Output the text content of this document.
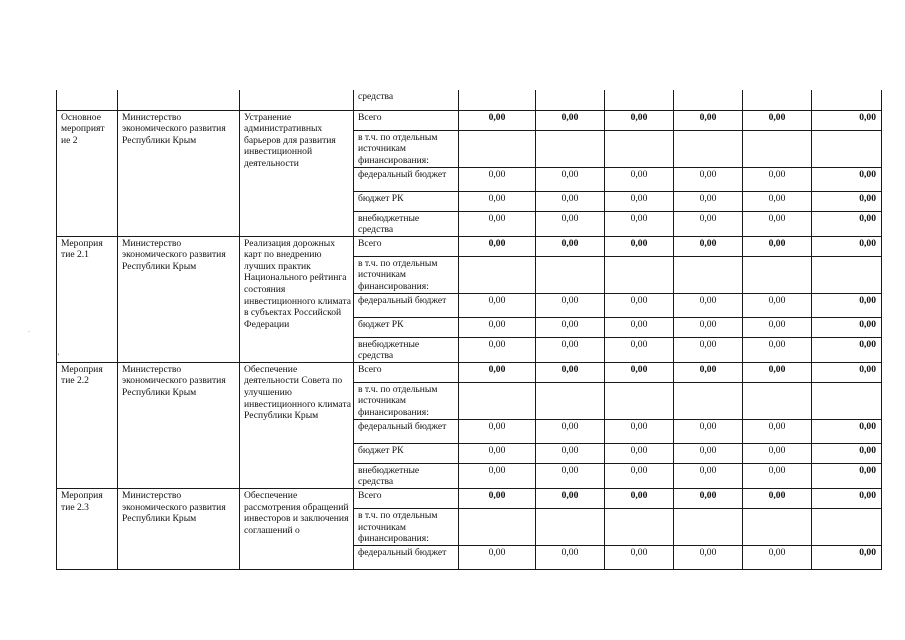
			средства						
Основное мероприят ие 2	Министерство экономического развития Республики Крым	Устранение административных барьеров для развития инвестиционной деятельности	Всего	0,00	0,00	0,00	0,00	0,00	0,00
			в т.ч. по отдельным источникам финансирования:						
			федеральный бюджет	0,00	0,00	0,00	0,00	0,00	0,00
			бюджет РК	0,00	0,00	0,00	0,00	0,00	0,00
			внебюджетные средства	0,00	0,00	0,00	0,00	0,00	0,00
Мероприя тие 2.1	Министерство экономического развития Республики Крым	Реализация дорожных карт по внедрению лучших практик Национального рейтинга состояния инвестиционного климата в субъектах Российской Федерации	Всего	0,00	0,00	0,00	0,00	0,00	0,00
			в т.ч. по отдельным источникам финансирования:						
			федеральный бюджет	0,00	0,00	0,00	0,00	0,00	0,00
			бюджет РК	0,00	0,00	0,00	0,00	0,00	0,00
			внебюджетные средства	0,00	0,00	0,00	0,00	0,00	0,00
Мероприя тие 2.2	Министерство экономического развития Республики Крым	Обеспечение деятельности Совета по улучшению инвестиционного климата Республики Крым	Всего	0,00	0,00	0,00	0,00	0,00	0,00
			в т.ч. по отдельным источникам финансирования:						
			федеральный бюджет	0,00	0,00	0,00	0,00	0,00	0,00
			бюджет РК	0,00	0,00	0,00	0,00	0,00	0,00
			внебюджетные средства	0,00	0,00	0,00	0,00	0,00	0,00
Мероприя тие 2.3	Министерство экономического развития Республики Крым	Обеспечение рассмотрения обращений инвесторов и заключения соглашений о	Всего	0,00	0,00	0,00	0,00	0,00	0,00
			в т.ч. по отдельным источникам финансирования:						
			федеральный бюджет	0,00	0,00	0,00	0,00	0,00	0,00
.
'
